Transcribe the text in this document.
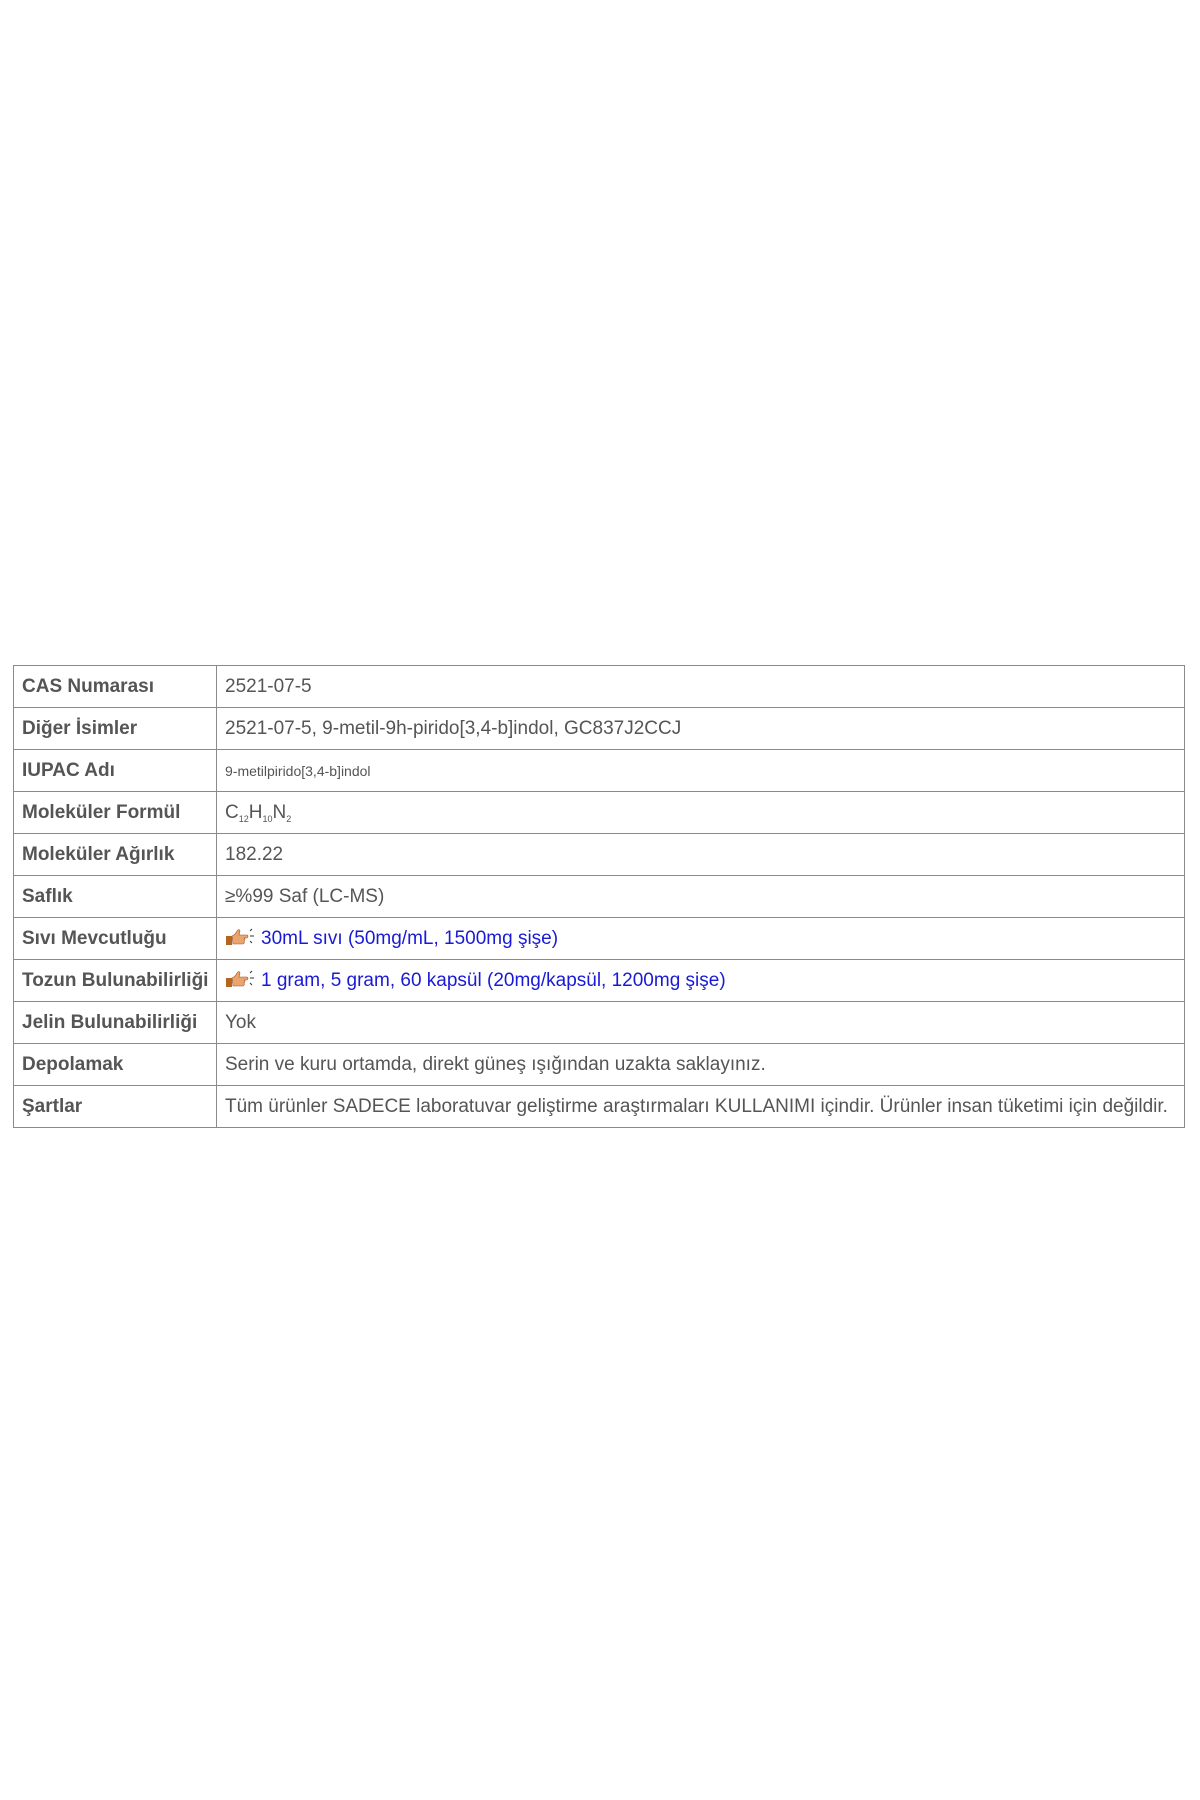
CAS Numarası	2521-07-5
Diğer İsimler	2521-07-5, 9-metil-9h-pirido[3,4-b]indol, GC837J2CCJ
IUPAC Adı	9-metilpirido[3,4-b]indol
Moleküler Formül	$C_{12}H_{10}N_2$
Moleküler Ağırlık	182.22
Saflık	≥%99 Saf (LC-MS)
Sıvı Mevcutluğu	30mL sıvı (50mg/mL, 1500mg şişe)
Tozun Bulunabilirliği	1 gram, 5 gram, 60 kapsül (20mg/kapsül, 1200mg şişe)
Jelin Bulunabilirliği	Yok
Depolamak	Serin ve kuru ortamda, direkt güneş ışığından uzakta saklayınız.
Şartlar	Tüm ürünler SADECE laboratuvar geliştirme araştırmaları KULLANIMI içindir. Ürünler insan tüketimi için değildir.
